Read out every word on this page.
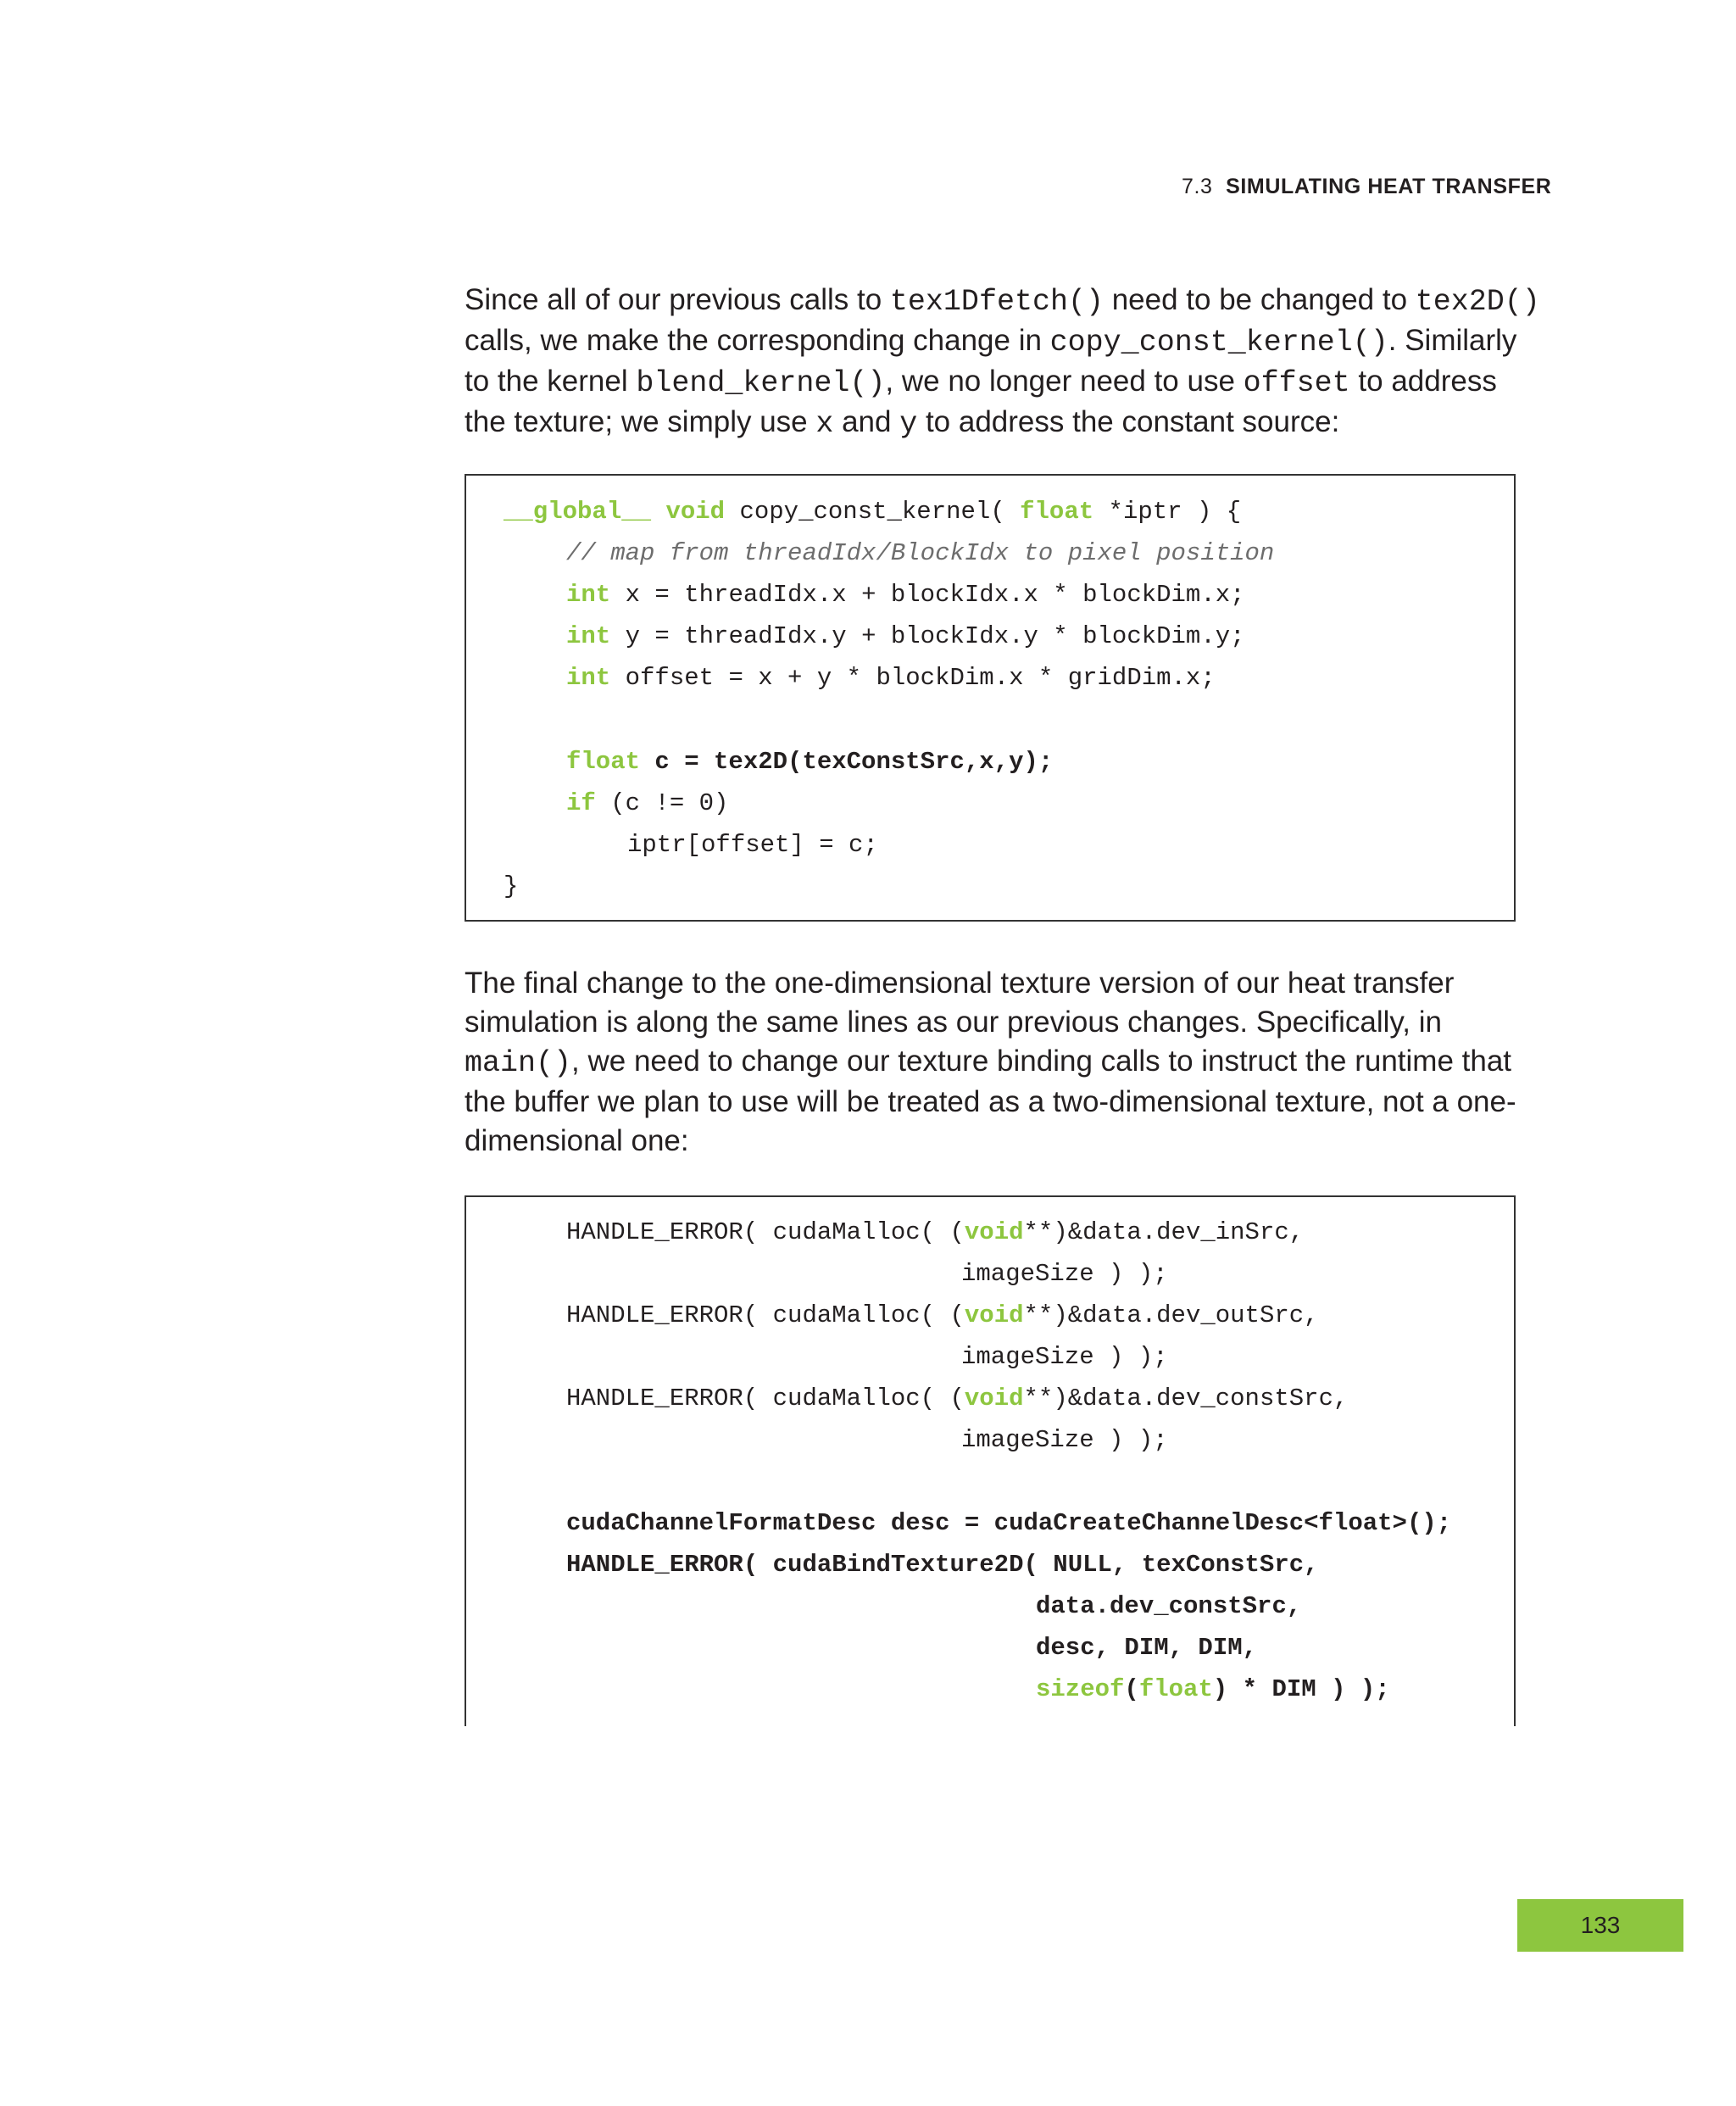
7.3 SIMULATING HEAT TRANSFER
Since all of our previous calls to tex1Dfetch() need to be changed to tex2D()
calls, we make the corresponding change in copy_const_kernel(). Similarly
to the kernel blend_kernel(), we no longer need to use offset to address
the texture; we simply use x and y to address the constant source:
__global__ void copy_const_kernel( float *iptr ) {
// map from threadIdx/BlockIdx to pixel position
int x = threadIdx.x + blockIdx.x * blockDim.x;
int y = threadIdx.y + blockIdx.y * blockDim.y;
int offset = x + y * blockDim.x * gridDim.x;
float c = tex2D(texConstSrc,x,y);
if (c != 0)
iptr[offset] = c;
}
The final change to the one-dimensional texture version of our heat transfer
simulation is along the same lines as our previous changes. Specifically, in
main(), we need to change our texture binding calls to instruct the runtime that
the buffer we plan to use will be treated as a two-dimensional texture, not a one-
dimensional one:
HANDLE_ERROR( cudaMalloc( (void**)&data.dev_inSrc,
imageSize ) );
HANDLE_ERROR( cudaMalloc( (void**)&data.dev_outSrc,
imageSize ) );
HANDLE_ERROR( cudaMalloc( (void**)&data.dev_constSrc,
imageSize ) );
cudaChannelFormatDesc desc = cudaCreateChannelDesc<float>();
HANDLE_ERROR( cudaBindTexture2D( NULL, texConstSrc,
data.dev_constSrc,
desc, DIM, DIM,
sizeof(float) * DIM ) );
133
